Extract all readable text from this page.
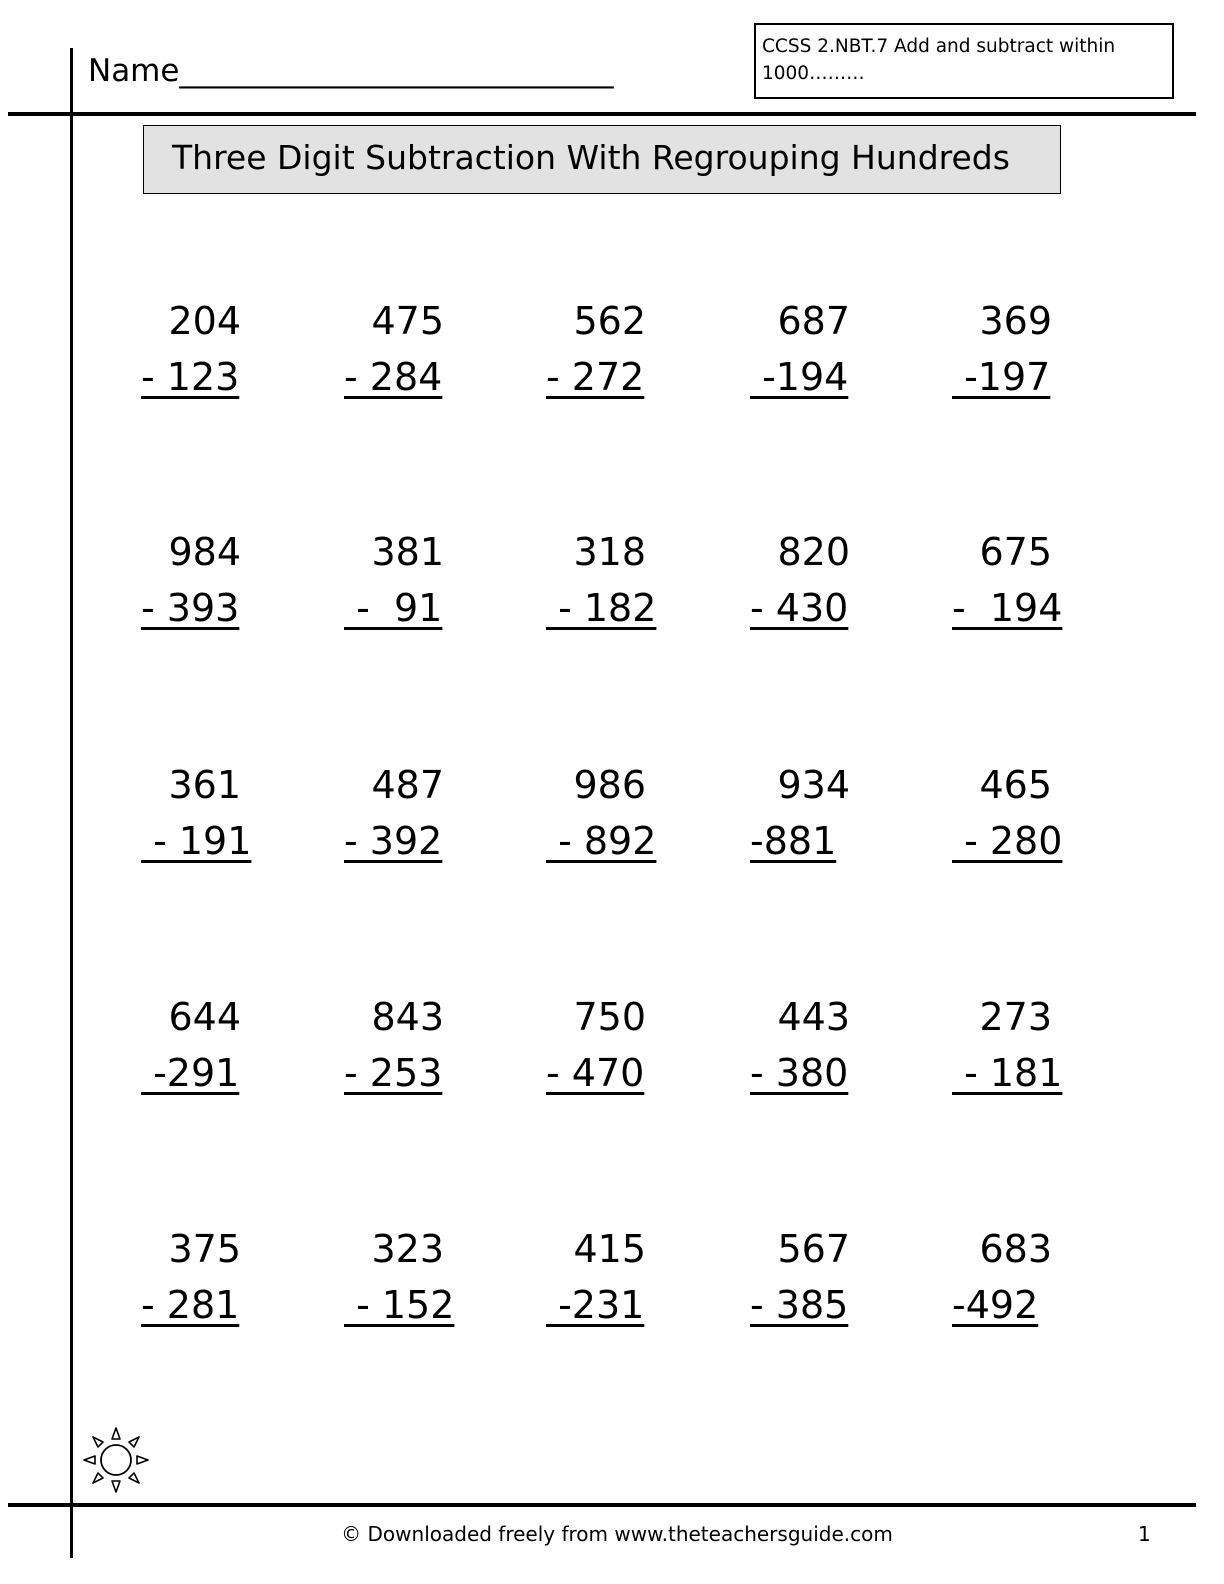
Name____________________________
CCSS 2.NBT.7 Add and subtract within
1000………
Three Digit Subtraction With Regrouping Hundreds
204
- 123
475
- 284
562
- 272
687
-194
369
-197
984
- 393
381
-  91
318
- 182
820
- 430
675
-  194
361
- 191
487
- 392
986
- 892
934
-881
465
- 280
644
-291
843
- 253
750
- 470
443
- 380
273
- 181
375
- 281
323
- 152
415
-231
567
- 385
683
-492
© Downloaded freely from www.theteachersguide.com	1
